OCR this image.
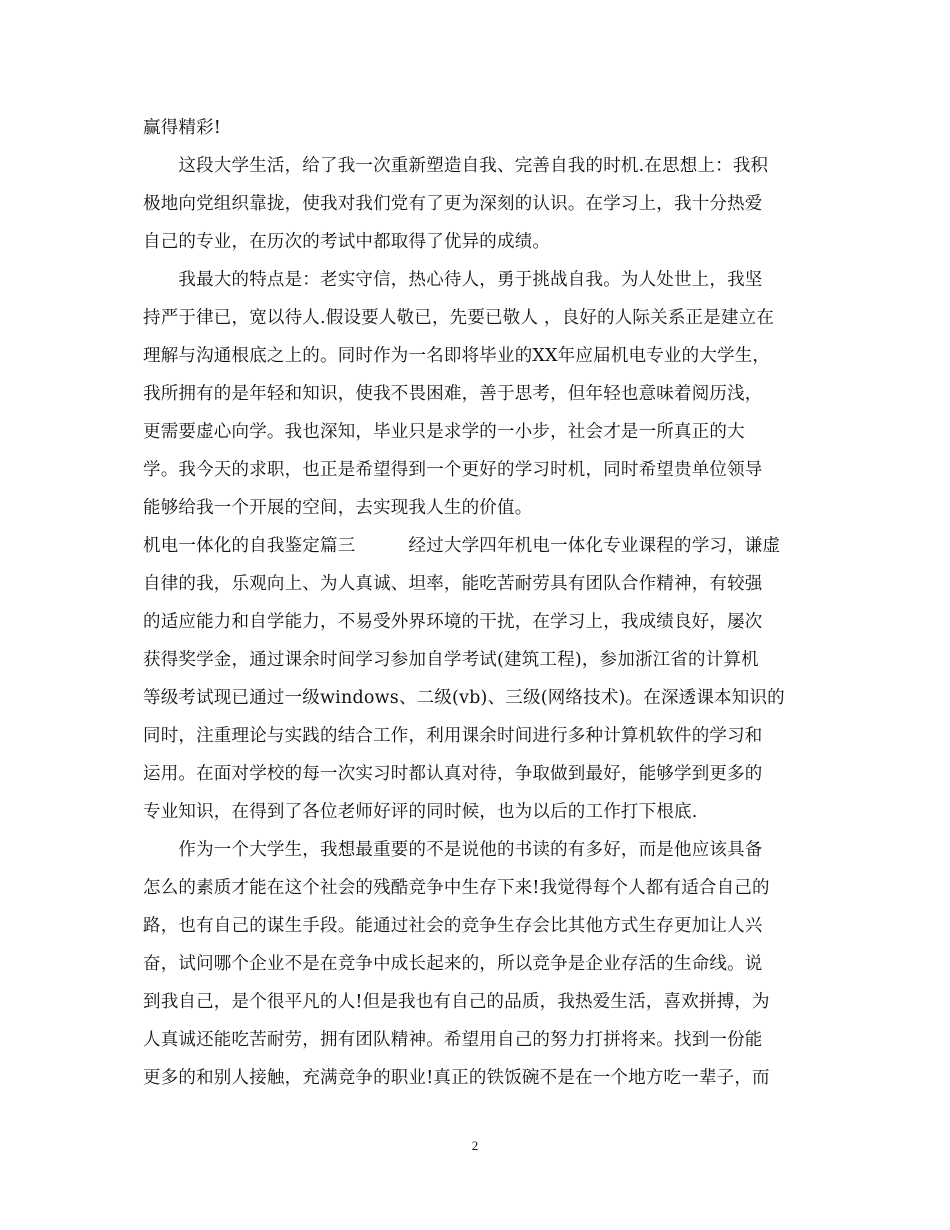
赢得精彩!
　　这段大学生活，给了我一次重新塑造自我、完善自我的时机.在思想上：我积
极地向党组织靠拢，使我对我们党有了更为深刻的认识。在学习上，我十分热爱
自己的专业，在历次的考试中都取得了优异的成绩。
　　我最大的特点是：老实守信，热心待人，勇于挑战自我。为人处世上，我坚
持严于律已，宽以待人.假设要人敬已，先要已敬人 ，良好的人际关系正是建立在
理解与沟通根底之上的。同时作为一名即将毕业的XX年应届机电专业的大学生，
我所拥有的是年轻和知识，使我不畏困难，善于思考，但年轻也意味着阅历浅，
更需要虚心向学。我也深知，毕业只是求学的一小步，社会才是一所真正的大
学。我今天的求职，也正是希望得到一个更好的学习时机，同时希望贵单位领导
能够给我一个开展的空间，去实现我人生的价值。
机电一体化的自我鉴定篇三　　　经过大学四年机电一体化专业课程的学习，谦虚
自律的我，乐观向上、为人真诚、坦率，能吃苦耐劳具有团队合作精神，有较强
的适应能力和自学能力，不易受外界环境的干扰，在学习上，我成绩良好，屡次
获得奖学金，通过课余时间学习参加自学考试(建筑工程)，参加浙江省的计算机
等级考试现已通过一级windows、二级(vb)、三级(网络技术)。在深透课本知识的
同时，注重理论与实践的结合工作，利用课余时间进行多种计算机软件的学习和
运用。在面对学校的每一次实习时都认真对待，争取做到最好，能够学到更多的
专业知识，在得到了各位老师好评的同时候，也为以后的工作打下根底.
　　作为一个大学生，我想最重要的不是说他的书读的有多好，而是他应该具备
怎么的素质才能在这个社会的残酷竞争中生存下来!我觉得每个人都有适合自己的
路，也有自己的谋生手段。能通过社会的竞争生存会比其他方式生存更加让人兴
奋，试问哪个企业不是在竞争中成长起来的，所以竞争是企业存活的生命线。说
到我自己，是个很平凡的人!但是我也有自己的品质，我热爱生活，喜欢拼搏，为
人真诚还能吃苦耐劳，拥有团队精神。希望用自己的努力打拼将来。找到一份能
更多的和别人接触，充满竞争的职业!真正的铁饭碗不是在一个地方吃一辈子，而
2
